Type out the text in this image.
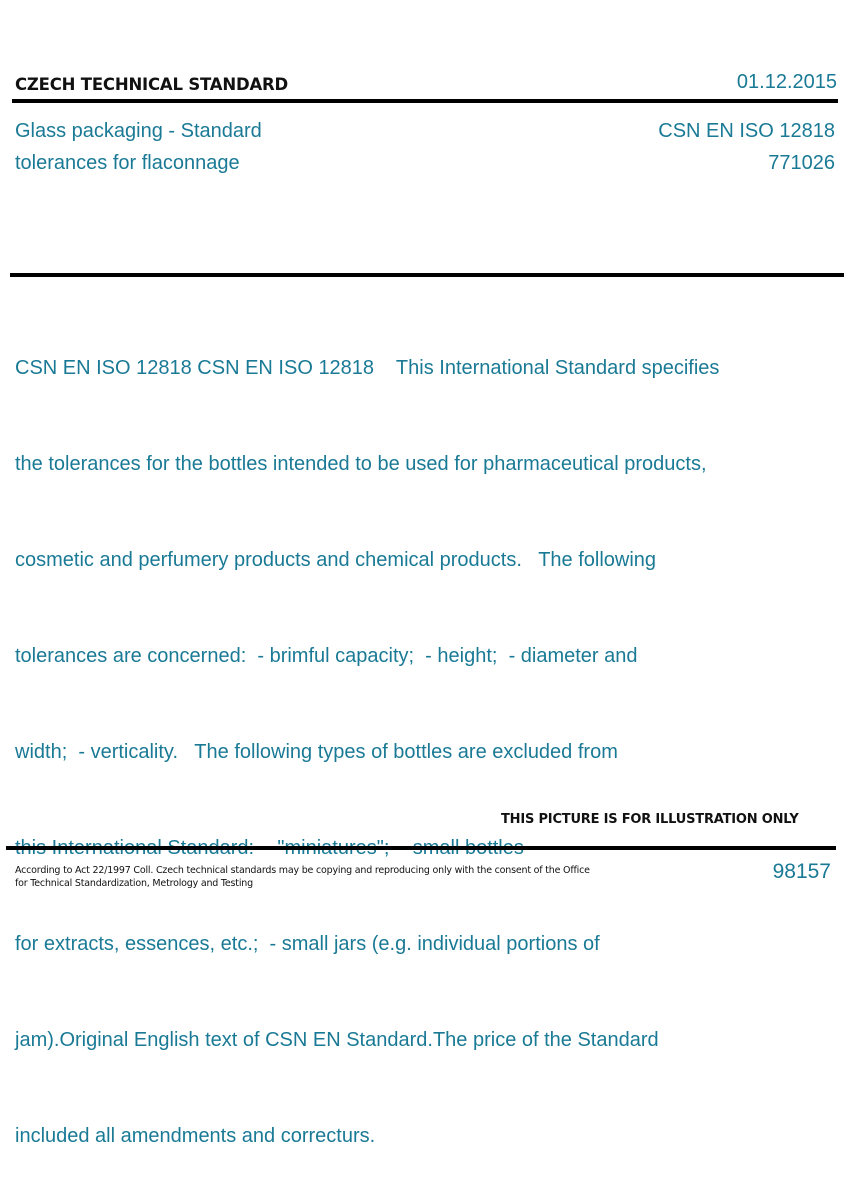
CZECH TECHNICAL STANDARD	01.12.2015
Glass packaging - Standard
tolerances for flaconnage
CSN EN ISO 12818
771026

CSN EN ISO 12818 CSN EN ISO 12818    This International Standard specifies

the tolerances for the bottles intended to be used for pharmaceutical products,

cosmetic and perfumery products and chemical products.   The following

tolerances are concerned:  - brimful capacity;  - height;  - diameter and

width;  - verticality.   The following types of bottles are excluded from

for extracts, essences, etc.;  - small jars (e.g. individual portions of

jam).Original English text of CSN EN Standard.The price of the Standard

included all amendments and correcturs.

THIS PICTURE IS FOR ILLUSTRATION ONLY
According to Act 22/1997 Coll. Czech technical standards may be copying and reproducing only with the consent of the Office
for Technical Standardization, Metrology and Testing
98157
